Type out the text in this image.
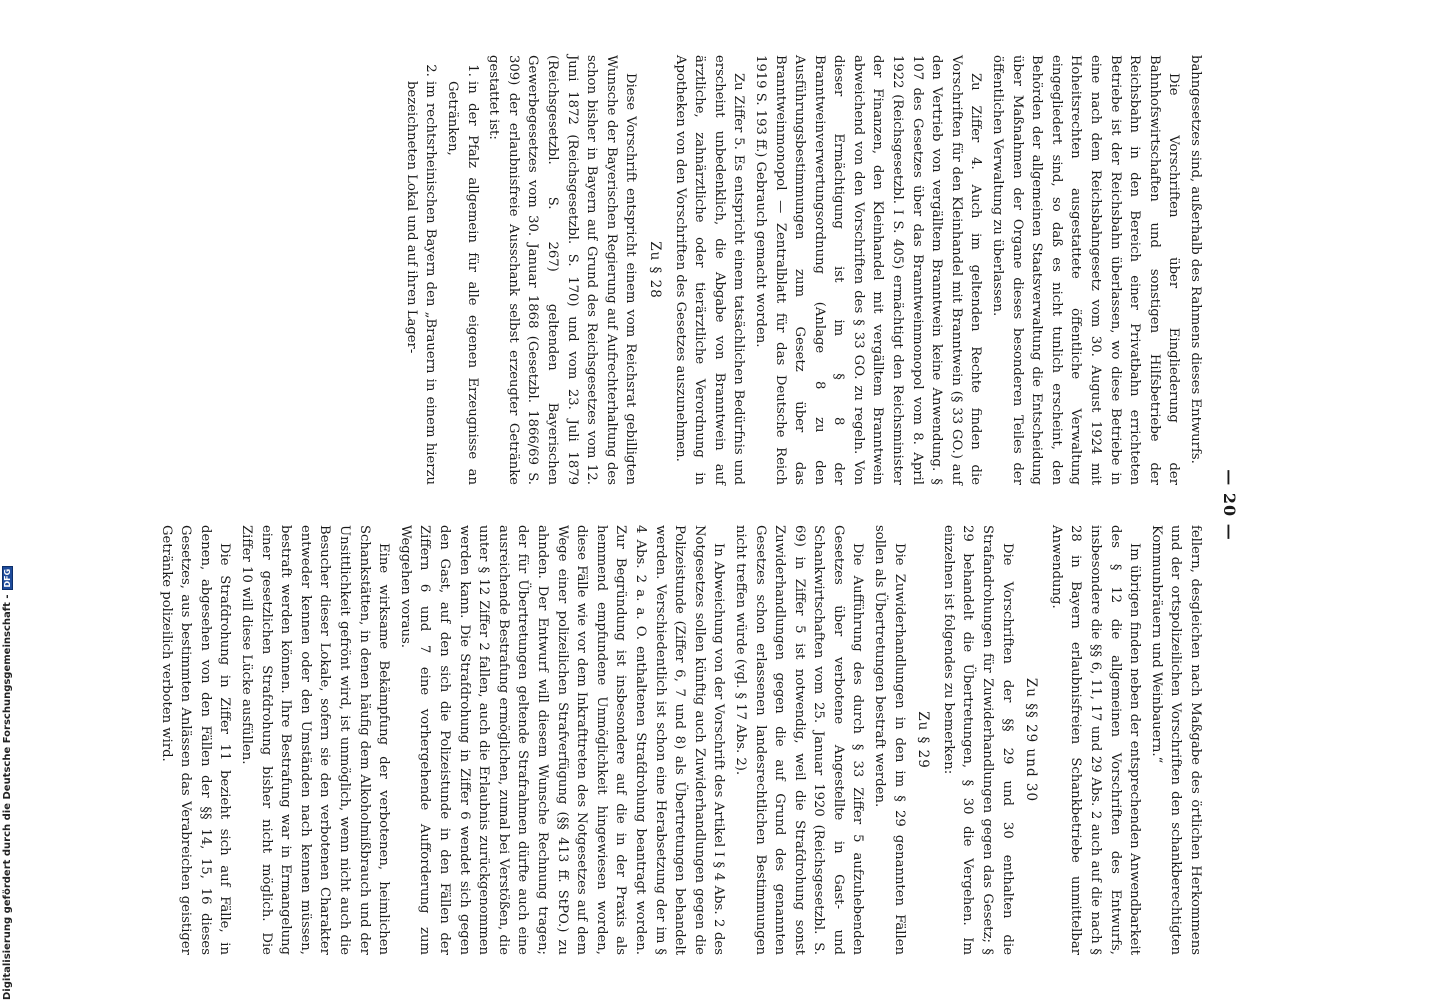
— 20 —

bahngesetzes sind, außerhalb des Rahmens dieses Entwurfs.

Die Vorschriften über Eingliederung der Bahnhofswirtschaften und sonstigen Hilfsbetriebe der Reichsbahn in den Bereich einer Privatbahn errichteten Betriebe ist der Reichsbahn überlassen, wo diese Betriebe in eine nach dem Reichsbahngesetz vom 30. August 1924 mit Hoheitsrechten ausgestattete öffentliche Verwaltung eingegliedert sind, so daß es nicht tunlich erscheint, den Behörden der allgemeinen Staatsverwaltung die Entscheidung über Maßnahmen der Organe dieses besonderen Teiles der öffentlichen Verwaltung zu überlassen.

Zu Ziffer 4. Auch im geltenden Rechte finden die Vorschriften für den Kleinhandel mit Branntwein (§ 33 GO.) auf den Vertrieb von vergälltem Branntwein keine Anwendung. § 107 des Gesetzes über das Branntweinmonopol vom 8. April 1922 (Reichsgesetzbl. I S. 405) ermächtigt den Reichsminister der Finanzen, den Kleinhandel mit vergälltem Branntwein abweichend von den Vorschriften des § 33 GO. zu regeln. Von dieser Ermächtigung ist im § 8 der Branntweinverwertungsordnung (Anlage 8 zu den Ausführungsbestimmungen zum Gesetz über das Branntweinmonopol — Zentralblatt für das Deutsche Reich 1919 S. 193 ff.) Gebrauch gemacht worden.

Zu Ziffer 5. Es entspricht einem tatsächlichen Bedürfnis und erscheint unbedenklich, die Abgabe von Branntwein auf ärztliche, zahnärztliche oder tierärztliche Verordnung in Apotheken von den Vorschriften des Gesetzes auszunehmen.

Zu § 28

Diese Vorschrift entspricht einem vom Reichsrat gebilligten Wunsche der Bayerischen Regierung auf Aufrechterhaltung des schon bisher in Bayern auf Grund des Reichsgesetzes vom 12. Juni 1872 (Reichsgesetzbl. S. 170) und vom 23. Juli 1879 (Reichsgesetzbl. S. 267) geltenden Bayerischen Gewerbegesetzes vom 30. Januar 1868 (Gesetzbl. 1866/69 S. 309) der erlaubnisfreie Ausschank selbst erzeugter Getränke gestattet ist:

1. in der Pfalz allgemein für alle eigenen Erzeugnisse an Getränken,
2. im rechtsrheinischen Bayern den „Brauern in einem hierzu bezeichneten Lokal und auf ihren Lager-

fellern, desgleichen nach Maßgabe des örtlichen Herkommens und der ortspolizeilichen Vorschriften den schankberechtigten Kommunbräuern und Weinbauern.“

Im übrigen finden neben der entsprechenden Anwendbarkeit des § 12 die allgemeinen Vorschriften des Entwurfs, insbesondere die §§ 6, 11, 17 und 29 Abs. 2 auch auf die nach § 28 in Bayern erlaubnisfreien Schankbetriebe unmittelbar Anwendung.

Zu §§ 29 und 30

Die Vorschriften der §§ 29 und 30 enthalten die Strafandrohungen für Zuwiderhandlungen gegen das Gesetz; § 29 behandelt die Übertretungen, § 30 die Vergehen. Im einzelnen ist folgendes zu bemerken:

Zu § 29

Die Zuwiderhandlungen in den im § 29 genannten Fällen sollen als Übertretungen bestraft werden.

Die Aufführung des durch § 33 Ziffer 5 aufzuhebenden Gesetzes über verbotene Angestellte in Gast- und Schankwirtschaften vom 25. Januar 1920 (Reichsgesetzbl. S. 69) in Ziffer 5 ist notwendig, weil die Strafdrohung sonst Zuwiderhandlungen gegen die auf Grund des genannten Gesetzes schon erlassenen landesrechtlichen Bestimmungen nicht treffen würde (vgl. § 17 Abs. 2).

In Abweichung von der Vorschrift des Artikel I § 4 Abs. 2 des Notgesetzes sollen künftig auch Zuwiderhandlungen gegen die Polizeistunde (Ziffer 6, 7 und 8) als Übertretungen behandelt werden. Verschiedentlich ist schon eine Herabsetzung der im § 4 Abs. 2 a. a. O. enthaltenen Strafdrohung beantragt worden. Zur Begründung ist insbesondere auf die in der Praxis als hemmend empfundene Unmöglichkeit hingewiesen worden, diese Fälle wie vor dem Inkrafttreten des Notgesetzes auf dem Wege einer polizeilichen Strafverfügung (§§ 413 ff. StPO.) zu ahnden. Der Entwurf will diesem Wunsche Rechnung tragen; der für Übertretungen geltende Strafrahmen dürfte auch eine ausreichende Bestrafung ermöglichen, zumal bei Verstößen, die unter § 12 Ziffer 2 fallen, auch die Erlaubnis zurückgenommen werden kann. Die Strafdrohung in Ziffer 6 wendet sich gegen den Gast, auf den sich die Polizeistunde in den Fällen der Ziffern 6 und 7 eine vorhergehende Aufforderung zum Weggehen voraus.

Eine wirksame Bekämpfung der verbotenen, heimlichen Schankstätten, in denen häufig dem Alkoholmißbrauch und der Unsittlichkeit gefrönt wird, ist unmöglich, wenn nicht auch die Besucher dieser Lokale, sofern sie den verbotenen Charakter entweder kennen oder den Umständen nach kennen müssen, bestraft werden können. Ihre Bestrafung war in Ermangelung einer gesetzlichen Strafdrohung bisher nicht möglich. Die Ziffer 10 will diese Lücke ausfüllen.

Die Strafdrohung in Ziffer 11 bezieht sich auf Fälle, in denen, abgesehen von den Fällen der §§ 14, 15, 16 dieses Gesetzes, aus bestimmten Anlässen das Verabreichen geistiger Getränke polizeilich verboten wird.

Digitalisierung gefördert durch die Deutsche Forschungsgemeinschaft -DFG
